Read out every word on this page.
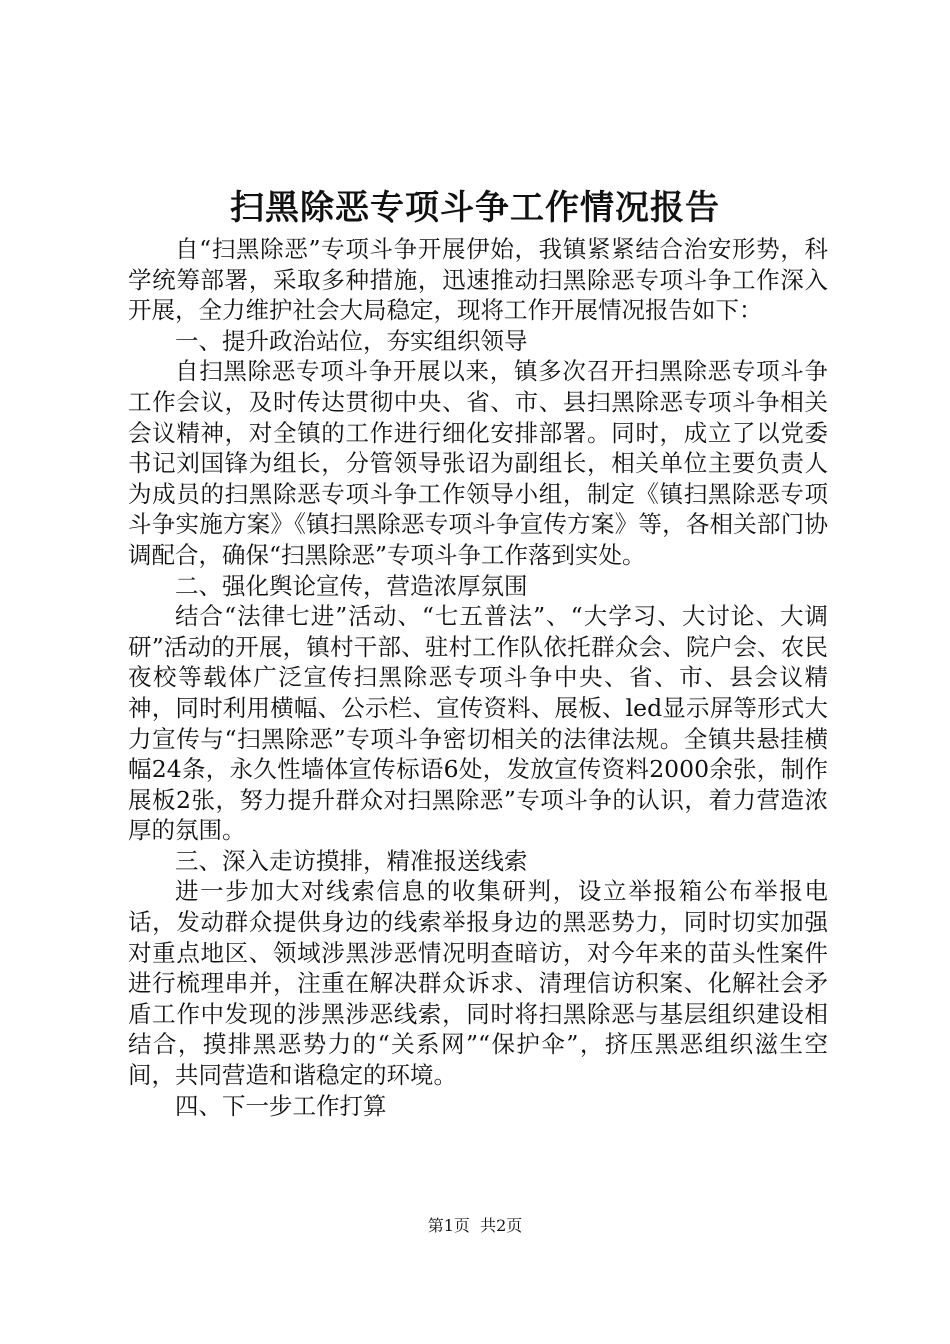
扫黑除恶专项斗争工作情况报告

自“扫黑除恶”专项斗争开展伊始，我镇紧紧结合治安形势，科学统筹部署，采取多种措施，迅速推动扫黑除恶专项斗争工作深入开展，全力维护社会大局稳定，现将工作开展情况报告如下：

一、提升政治站位，夯实组织领导

自扫黑除恶专项斗争开展以来，镇多次召开扫黑除恶专项斗争工作会议，及时传达贯彻中央、省、市、县扫黑除恶专项斗争相关会议精神，对全镇的工作进行细化安排部署。同时，成立了以党委书记刘国锋为组长，分管领导张诏为副组长，相关单位主要负责人为成员的扫黑除恶专项斗争工作领导小组，制定《镇扫黑除恶专项斗争实施方案》《镇扫黑除恶专项斗争宣传方案》等，各相关部门协调配合，确保“扫黑除恶”专项斗争工作落到实处。

二、强化舆论宣传，营造浓厚氛围

结合“法律七进”活动、“七五普法”、“大学习、大讨论、大调研”活动的开展，镇村干部、驻村工作队依托群众会、院户会、农民夜校等载体广泛宣传扫黑除恶专项斗争中央、省、市、县会议精神，同时利用横幅、公示栏、宣传资料、展板、led显示屏等形式大力宣传与“扫黑除恶”专项斗争密切相关的法律法规。全镇共悬挂横幅24条，永久性墙体宣传标语6处，发放宣传资料2000余张，制作展板2张，努力提升群众对扫黑除恶”专项斗争的认识，着力营造浓厚的氛围。

三、深入走访摸排，精准报送线索

进一步加大对线索信息的收集研判，设立举报箱公布举报电话，发动群众提供身边的线索举报身边的黑恶势力，同时切实加强对重点地区、领域涉黑涉恶情况明查暗访，对今年来的苗头性案件进行梳理串并，注重在解决群众诉求、清理信访积案、化解社会矛盾工作中发现的涉黑涉恶线索，同时将扫黑除恶与基层组织建设相结合，摸排黑恶势力的“关系网”“保护伞”，挤压黑恶组织滋生空间，共同营造和谐稳定的环境。

四、下一步工作打算

第1页 共2页
